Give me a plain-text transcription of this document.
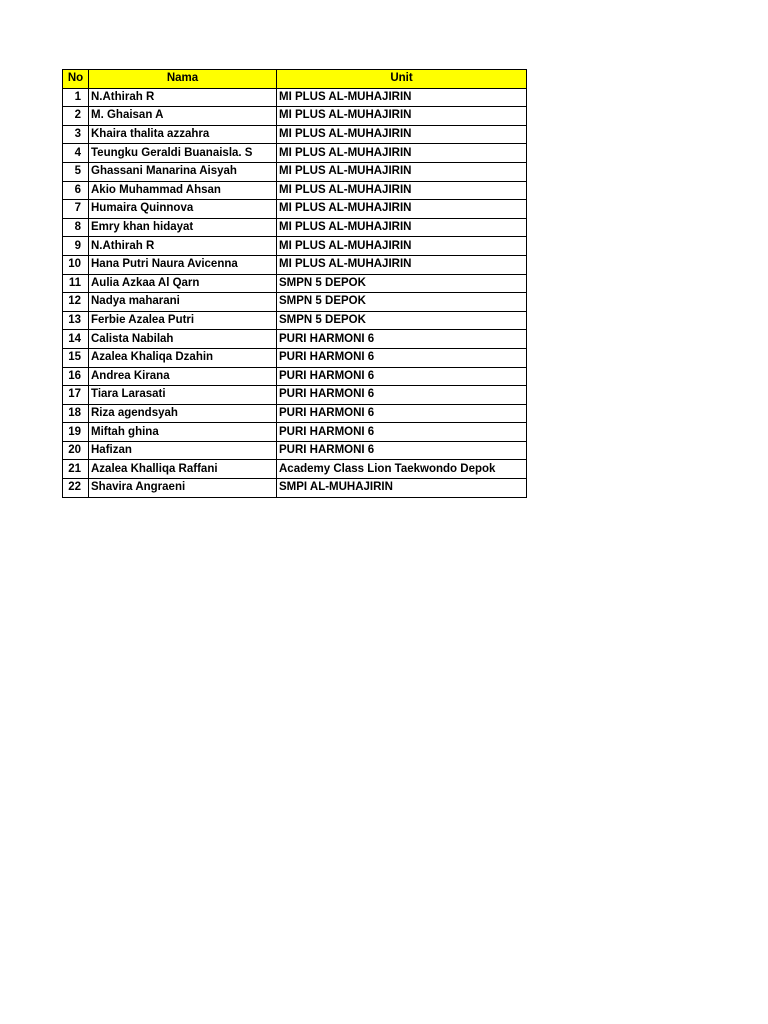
No	Nama	Unit
1	N.Athirah R	MI PLUS AL-MUHAJIRIN
2	M. Ghaisan A	MI PLUS AL-MUHAJIRIN
3	Khaira thalita azzahra	MI PLUS AL-MUHAJIRIN
4	Teungku Geraldi Buanaisla. S	MI PLUS AL-MUHAJIRIN
5	Ghassani Manarina Aisyah	MI PLUS AL-MUHAJIRIN
6	Akio Muhammad Ahsan	MI PLUS AL-MUHAJIRIN
7	Humaira Quinnova	MI PLUS AL-MUHAJIRIN
8	Emry khan hidayat	MI PLUS AL-MUHAJIRIN
9	N.Athirah R	MI PLUS AL-MUHAJIRIN
10	Hana Putri Naura Avicenna	MI PLUS AL-MUHAJIRIN
11	Aulia Azkaa Al Qarn	SMPN 5 DEPOK
12	Nadya maharani	SMPN 5 DEPOK
13	Ferbie Azalea Putri	SMPN 5 DEPOK
14	Calista Nabilah	PURI HARMONI 6
15	Azalea Khaliqa Dzahin	PURI HARMONI 6
16	Andrea Kirana	PURI HARMONI 6
17	Tiara Larasati	PURI HARMONI 6
18	Riza agendsyah	PURI HARMONI 6
19	Miftah ghina	PURI HARMONI 6
20	Hafizan	PURI HARMONI 6
21	Azalea Khalliqa Raffani	Academy Class Lion Taekwondo Depok
22	Shavira Angraeni	SMPI AL-MUHAJIRIN
